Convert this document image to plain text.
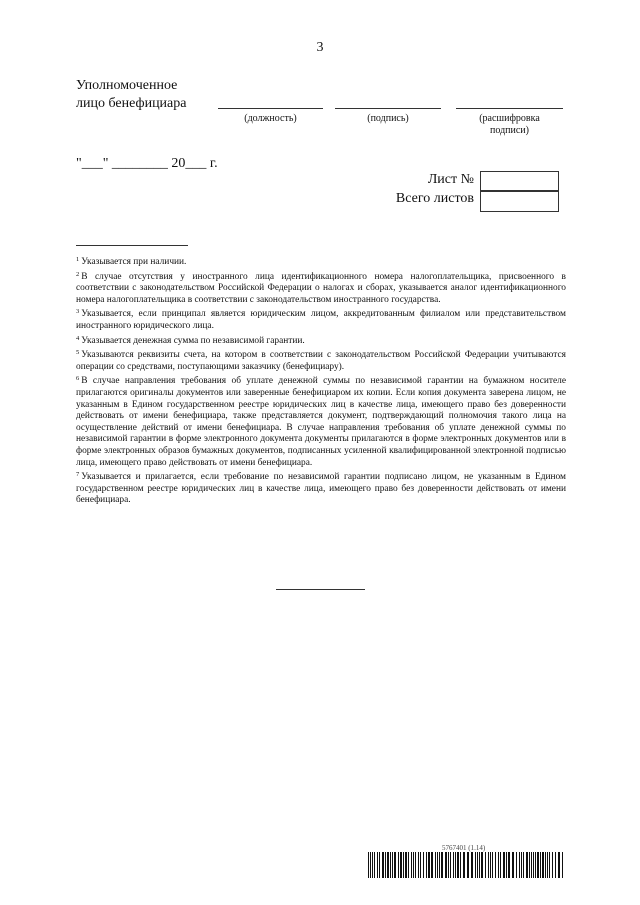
3
Уполномоченное
лицо бенефициара
(должность)	(подпись)	(расшифровка
подписи)
"___" ________ 20___ г.
Лист №
Всего листов

$^1$ Указывается при наличии.

$^2$ В случае отсутствия у иностранного лица идентификационного номера налогоплательщика, присвоенного в соответствии с законодательством Российской Федерации о налогах и сборах, указывается аналог идентификационного номера налогоплательщика в соответствии с законодательством иностранного государства.

$^3$ Указывается, если принципал является юридическим лицом, аккредитованным филиалом или представительством иностранного юридического лица.

$^4$ Указывается денежная сумма по независимой гарантии.

$^5$ Указываются реквизиты счета, на котором в соответствии с законодательством Российской Федерации учитываются операции со средствами, поступающими заказчику (бенефициару).

$^6$ В случае направления требования об уплате денежной суммы по независимой гарантии на бумажном носителе прилагаются оригиналы документов или заверенные бенефициаром их копии. Если копия документа заверена лицом, не указанным в Едином государственном реестре юридических лиц в качестве лица, имеющего право без доверенности действовать от имени бенефициара, также представляется документ, подтверждающий полномочия такого лица на осуществление действий от имени бенефициара. В случае направления требования об уплате денежной суммы по независимой гарантии в форме электронного документа документы прилагаются в форме электронных документов или в форме электронных образов бумажных документов, подписанных усиленной квалифицированной электронной подписью лица, имеющего право действовать от имени бенефициара.

$^7$ Указывается и прилагается, если требование по независимой гарантии подписано лицом, не указанным в Едином государственном реестре юридических лиц в качестве лица, имеющего право без доверенности действовать от имени бенефициара.

5767401 (1.14)
